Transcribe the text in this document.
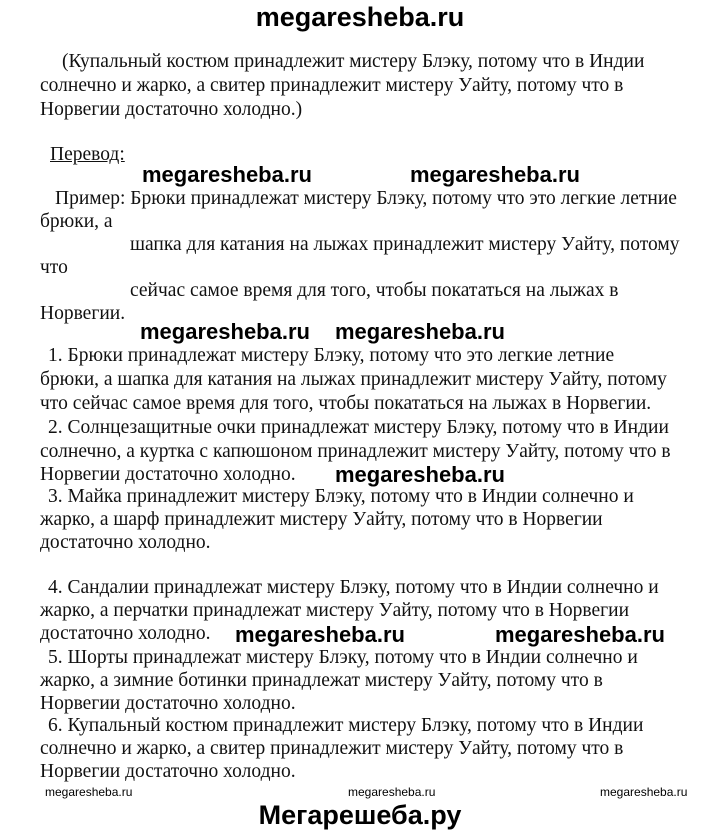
megaresheba.ru
(Купальный костюм принадлежит мистеру Блэку, потому что в Индии
солнечно и жарко, а свитер принадлежит мистеру Уайту, потому что в
Норвегии достаточно холодно.)
Перевод:
Пример: Брюки принадлежат мистеру Блэку, потому что это легкие летние
брюки, а
шапка для катания на лыжах принадлежит мистеру Уайту, потому
что
сейчас самое время для того, чтобы покататься на лыжах в
Норвегии.
1. Брюки принадлежат мистеру Блэку, потому что это легкие летние
брюки, а шапка для катания на лыжах принадлежит мистеру Уайту, потому
что сейчас самое время для того, чтобы покататься на лыжах в Норвегии.
2. Солнцезащитные очки принадлежат мистеру Блэку, потому что в Индии
солнечно, а куртка с капюшоном принадлежит мистеру Уайту, потому что в
Норвегии достаточно холодно.
3. Майка принадлежит мистеру Блэку, потому что в Индии солнечно и
жарко, а шарф принадлежит мистеру Уайту, потому что в Норвегии
достаточно холодно.
4. Сандалии принадлежат мистеру Блэку, потому что в Индии солнечно и
жарко, а перчатки принадлежат мистеру Уайту, потому что в Норвегии
достаточно холодно.
5. Шорты принадлежат мистеру Блэку, потому что в Индии солнечно и
жарко, а зимние ботинки принадлежат мистеру Уайту, потому что в
Норвегии достаточно холодно.
6. Купальный костюм принадлежит мистеру Блэку, потому что в Индии
солнечно и жарко, а свитер принадлежит мистеру Уайту, потому что в
Норвегии достаточно холодно.
megaresheba.ru	megaresheba.ru
megaresheba.ru megaresheba.ru
megaresheba.ru
megaresheba.ru	megaresheba.ru
megaresheba.ru	megaresheba.ru	megaresheba.ru
Мегарешеба.ру
